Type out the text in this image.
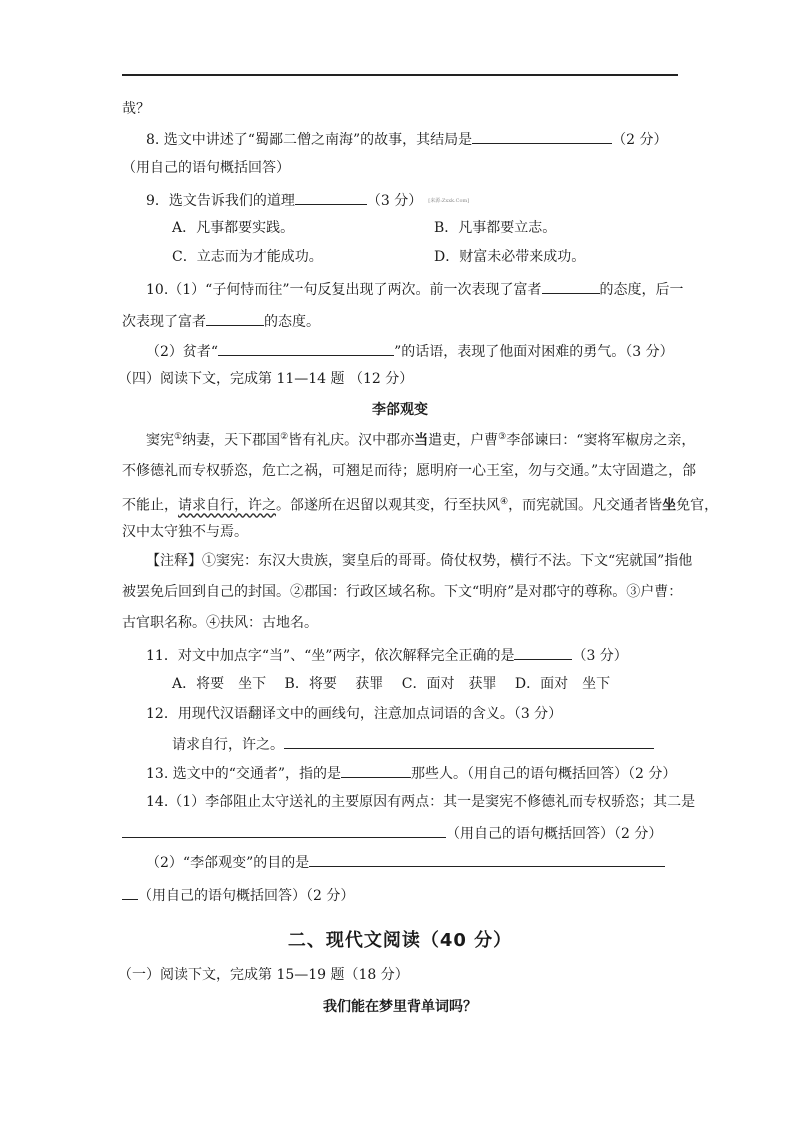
哉？
8. 选文中讲述了“蜀鄙二僧之南海”的故事，其结局是	（2 分）
（用自己的语句概括回答）
9．选文告诉我们的道理	（3 分） [来源:Zxxk.Com]
A．凡事都要实践。	B．凡事都要立志。
C．立志而为才能成功。	D．财富未必带来成功。
10.（1）“子何恃而往”一句反复出现了两次。前一次表现了富者	的态度，后一
次表现了富者	的态度。
（2）贫者“	”的话语，表现了他面对困难的勇气。（3 分）
（四）阅读下文，完成第 11—14 题 （12 分）
李郃观变
窦宪①纳妻，天下郡国②皆有礼庆。汉中郡亦当遣吏，户曹③李郃谏曰：“窦将军椒房之亲，
不修德礼而专权骄恣，危亡之祸，可翘足而待；愿明府一心王室，勿与交通。”太守固遣之，郃
不能止，请求自行，许之。郃遂所在迟留以观其变，行至扶风④，而宪就国。凡交通者皆坐免官，
汉中太守独不与焉。
【注释】①窦宪：东汉大贵族，窦皇后的哥哥。倚仗权势，横行不法。下文“宪就国”指他
被罢免后回到自己的封国。②郡国：行政区域名称。下文“明府”是对郡守的尊称。③户曹：
古官职名称。④扶风：古地名。
11．对文中加点字“当”、“坐”两字，依次解释完全正确的是	（3 分）
A．将要　坐下　 B．将要　 获罪　 C．面对　获罪　 D．面对　坐下
12．用现代汉语翻译文中的画线句，注意加点词语的含义。（3 分）
请求自行，许之。
13. 选文中的“交通者”，指的是	那些人。（用自己的语句概括回答）（2 分）
14.（1）李郃阻止太守送礼的主要原因有两点：其一是窦宪不修德礼而专权骄恣；其二是
（用自己的语句概括回答）（2 分）
（2）“李郃观变”的目的是
（用自己的语句概括回答）（2 分）
二、现代文阅读（40 分）
（一）阅读下文，完成第 15—19 题（18 分）
我们能在梦里背单词吗？
